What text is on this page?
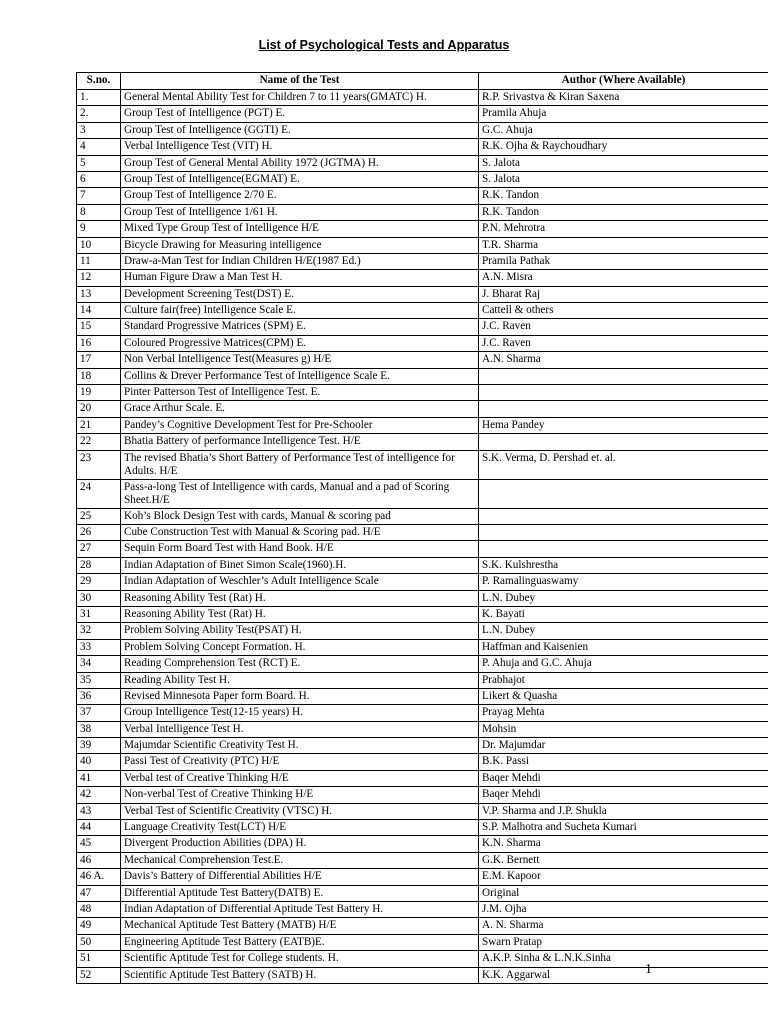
List of Psychological Tests and Apparatus
S.no.	Name of the Test	Author (Where Available)
1.	General Mental Ability Test for Children 7 to 11 years(GMATC) H.	R.P. Srivastva & Kiran Saxena
2.	Group Test of Intelligence (PGT) E.	Pramila Ahuja
3	Group Test of Intelligence (GGTI) E.	G.C. Ahuja
4	Verbal Intelligence Test (VIT) H.	R.K. Ojha & Raychoudhary
5	Group Test of General Mental Ability 1972 (JGTMA) H.	S. Jalota
6	Group Test of Intelligence(EGMAT) E.	S. Jalota
7	Group Test of Intelligence 2/70 E.	R.K. Tandon
8	Group Test of Intelligence 1/61 H.	R.K. Tandon
9	Mixed Type Group Test of Intelligence H/E	P.N. Mehrotra
10	Bicycle Drawing for Measuring intelligence	T.R. Sharma
11	Draw-a-Man Test for Indian Children H/E(1987 Ed.)	Pramila Pathak
12	Human Figure Draw a Man Test H.	A.N. Misra
13	Development Screening Test(DST) E.	J. Bharat Raj
14	Culture fair(free) Intelligence Scale E.	Cattell & others
15	Standard Progressive Matrices (SPM) E.	J.C. Raven
16	Coloured Progressive Matrices(CPM) E.	J.C. Raven
17	Non Verbal Intelligence Test(Measures g) H/E	A.N. Sharma
18	Collins & Drever Performance Test of Intelligence Scale E.	
19	Pinter Patterson Test of Intelligence Test. E.	
20	Grace Arthur Scale. E.	
21	Pandey’s Cognitive Development Test for Pre-Schooler	Hema Pandey
22	Bhatia Battery of performance Intelligence Test. H/E	
23	The revised Bhatia’s Short Battery of Performance Test of intelligence for Adults. H/E	S.K. Verma, D. Pershad et. al.
24	Pass-a-long Test of Intelligence with cards, Manual and a pad of Scoring Sheet.H/E	
25	Koh’s Block Design Test with cards, Manual & scoring pad	
26	Cube Construction Test with Manual & Scoring pad. H/E	
27	Sequin Form Board Test with Hand Book. H/E	
28	Indian Adaptation of Binet Simon Scale(1960).H.	S.K. Kulshrestha
29	Indian Adaptation of Weschler’s Adult Intelligence Scale	P. Ramalinguaswamy
30	Reasoning Ability Test (Rat) H.	L.N. Dubey
31	Reasoning Ability Test (Rat) H.	K. Bayati
32	Problem Solving Ability Test(PSAT) H.	L.N. Dubey
33	Problem Solving Concept Formation. H.	Haffman and Kaisenien
34	Reading Comprehension Test (RCT) E.	P. Ahuja and G.C. Ahuja
35	Reading Ability Test H.	Prabhajot
36	Revised Minnesota Paper form Board. H.	Likert & Quasha
37	Group Intelligence Test(12-15 years) H.	Prayag Mehta
38	Verbal Intelligence Test H.	Mohsin
39	Majumdar Scientific Creativity Test H.	Dr. Majumdar
40	Passi Test of Creativity (PTC) H/E	B.K. Passi
41	Verbal test of Creative Thinking H/E	Baqer Mehdi
42	Non-verbal Test of Creative Thinking H/E	Baqer Mehdi
43	Verbal Test of Scientific Creativity (VTSC) H.	V.P. Sharma and J.P. Shukla
44	Language Creativity Test(LCT) H/E	S.P. Malhotra and Sucheta Kumari
45	Divergent Production Abilities (DPA) H.	K.N. Sharma
46	Mechanical Comprehension Test.E.	G.K. Bernett
46 A.	Davis’s Battery of Differential Abilities H/E	E.M. Kapoor
47	Differential Aptitude Test Battery(DATB) E.	Original
48	Indian Adaptation of Differential Aptitude Test Battery H.	J.M. Ojha
49	Mechanical Aptitude Test Battery (MATB) H/E	A. N. Sharma
50	Engineering Aptitude Test Battery (EATB)E.	Swarn Pratap
51	Scientific Aptitude Test for College students. H.	A.K.P. Sinha & L.N.K.Sinha
52	Scientific Aptitude Test Battery (SATB) H.	K.K. Aggarwal	1
